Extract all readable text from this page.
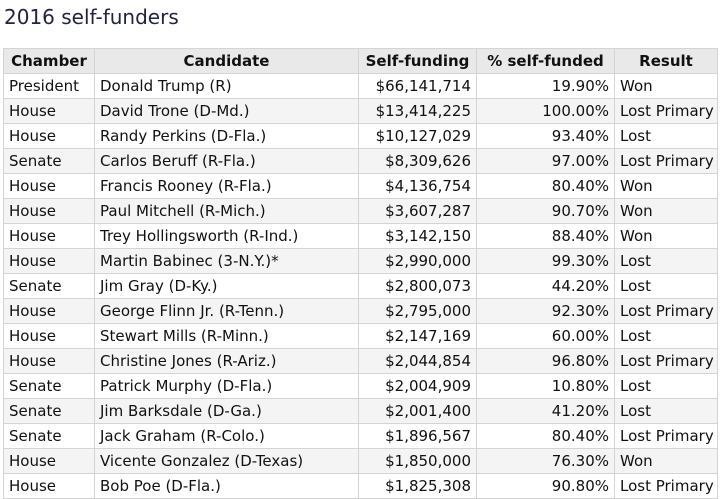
2016 self-funders
Chamber	Candidate	Self-funding	% self-funded	Result
President	Donald Trump (R)	$66,141,714	19.90%	Won
House	David Trone (D-Md.)	$13,414,225	100.00%	Lost Primary
House	Randy Perkins (D-Fla.)	$10,127,029	93.40%	Lost
Senate	Carlos Beruff (R-Fla.)	$8,309,626	97.00%	Lost Primary
House	Francis Rooney (R-Fla.)	$4,136,754	80.40%	Won
House	Paul Mitchell (R-Mich.)	$3,607,287	90.70%	Won
House	Trey Hollingsworth (R-Ind.)	$3,142,150	88.40%	Won
House	Martin Babinec (3-N.Y.)*	$2,990,000	99.30%	Lost
Senate	Jim Gray (D-Ky.)	$2,800,073	44.20%	Lost
House	George Flinn Jr. (R-Tenn.)	$2,795,000	92.30%	Lost Primary
House	Stewart Mills (R-Minn.)	$2,147,169	60.00%	Lost
House	Christine Jones (R-Ariz.)	$2,044,854	96.80%	Lost Primary
Senate	Patrick Murphy (D-Fla.)	$2,004,909	10.80%	Lost
Senate	Jim Barksdale (D-Ga.)	$2,001,400	41.20%	Lost
Senate	Jack Graham (R-Colo.)	$1,896,567	80.40%	Lost Primary
House	Vicente Gonzalez (D-Texas)	$1,850,000	76.30%	Won
House	Bob Poe (D-Fla.)	$1,825,308	90.80%	Lost Primary
